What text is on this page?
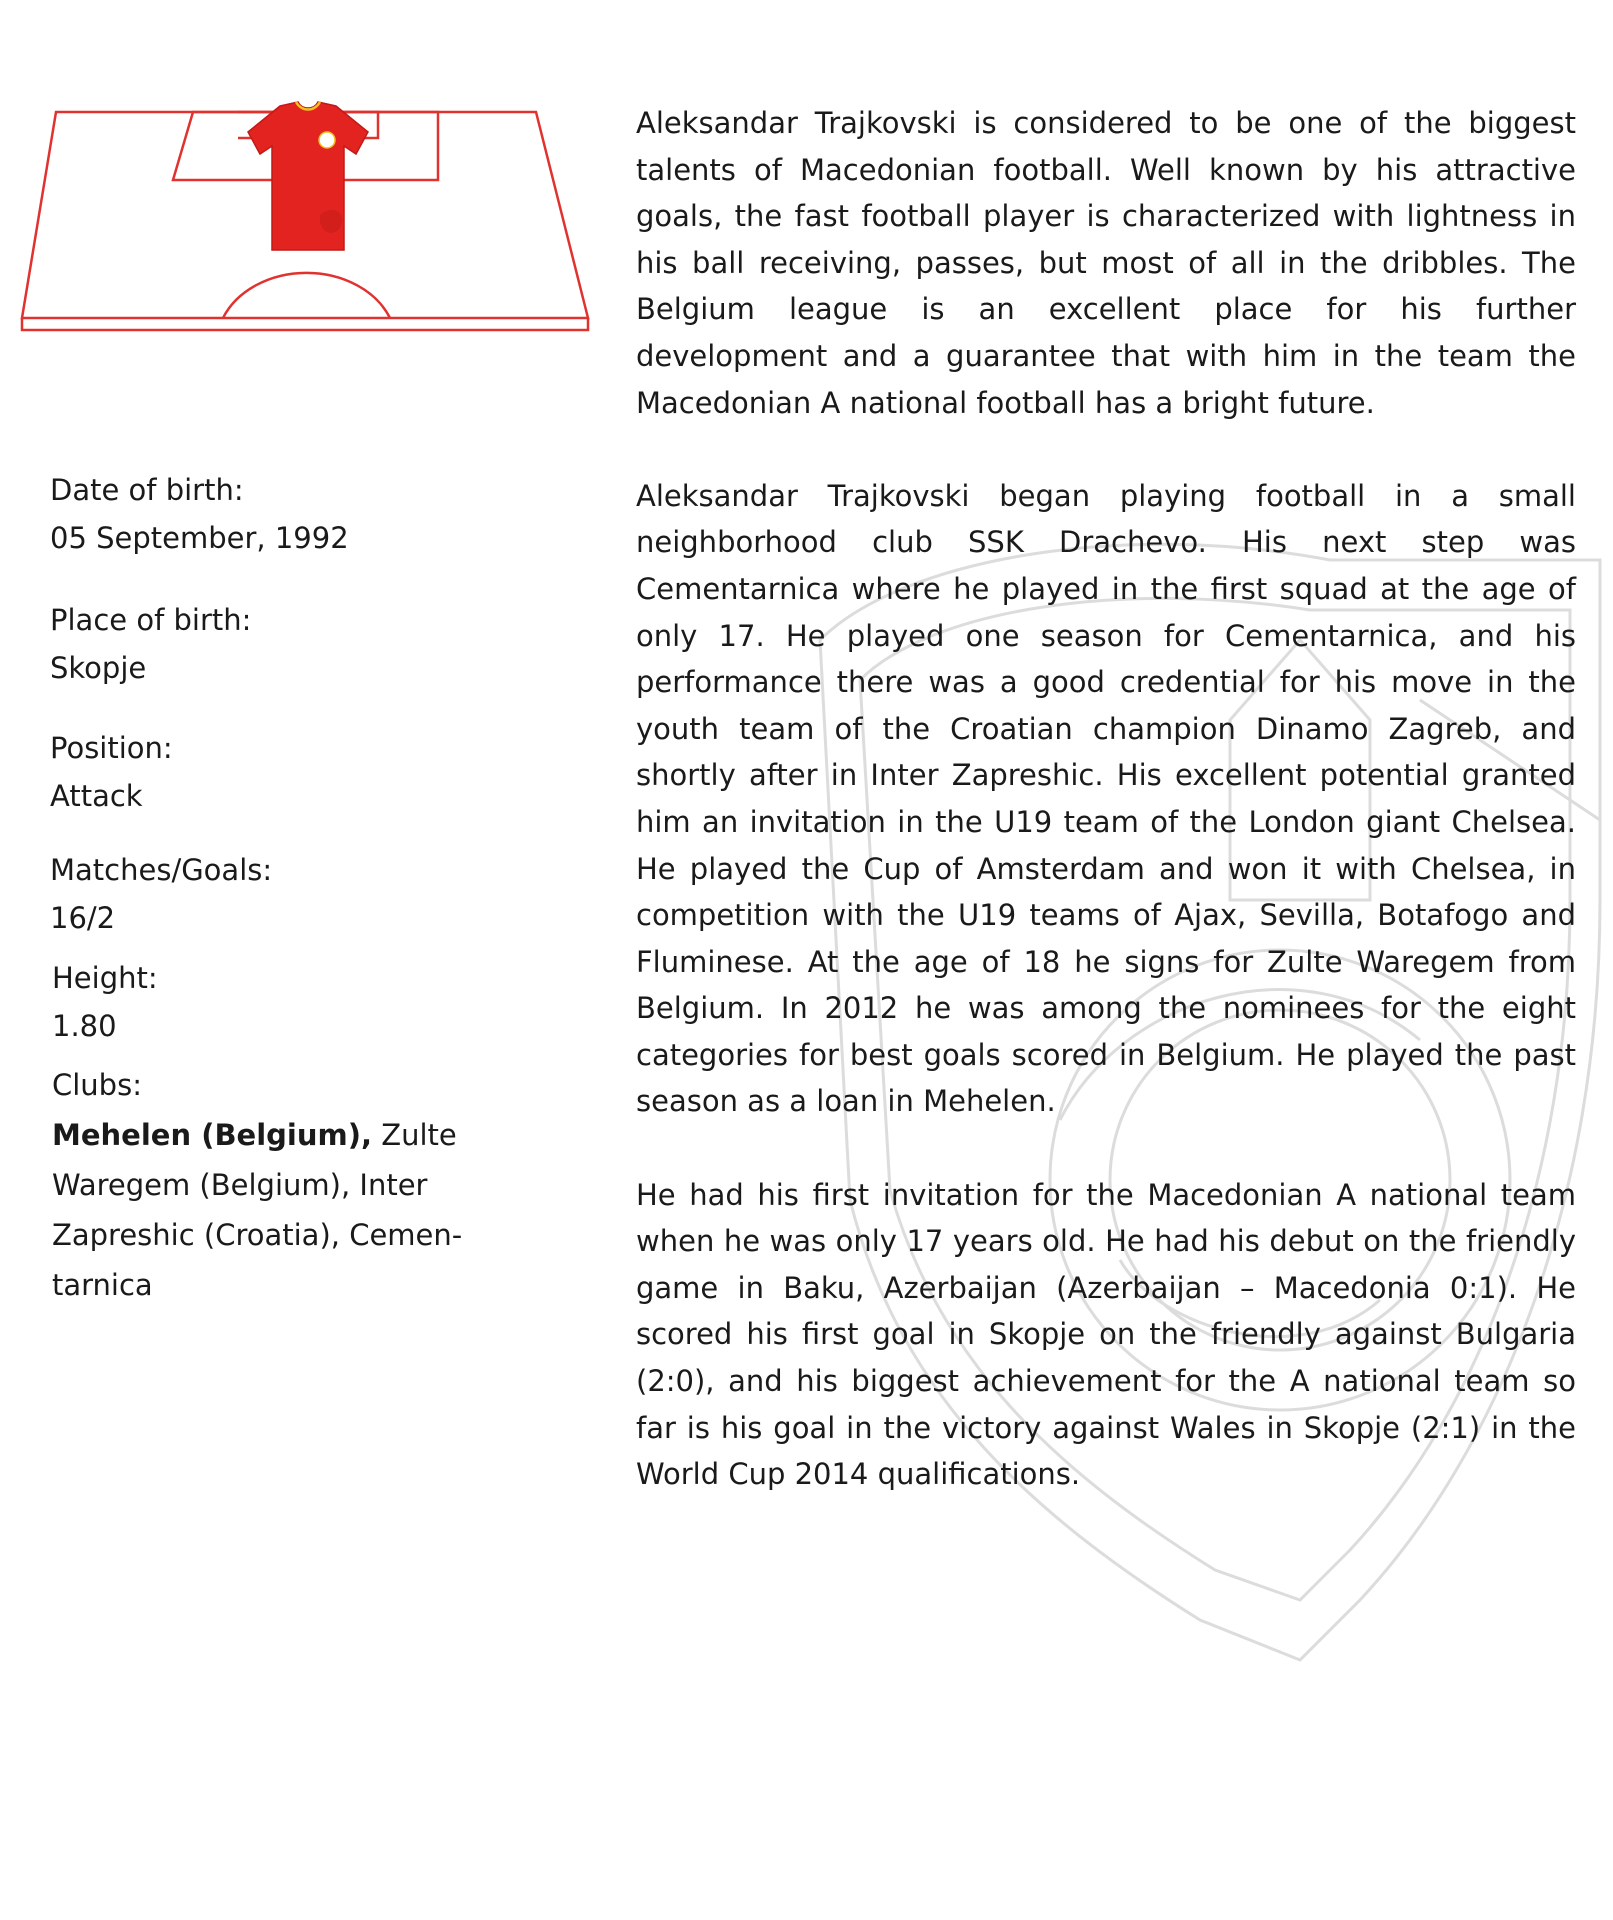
Date of birth:
05 September, 1992
Place of birth:
Skopje
Position:
Attack
Matches/Goals:
16/2
Height:
1.80
Clubs:
Mehelen (Belgium), Zulte Waregem (Belgium), Inter Zapreshic (Croatia), Cemen-tarnica

Aleksandar Trajkovski is considered to be one of the biggest talents of Macedonian football. Well known by his attractive goals, the fast football player is characterized with lightness in his ball receiving, passes, but most of all in the dribbles. The Belgium league is an excellent place for his further development and a guarantee that with him in the team the Macedonian A national football has a bright future.

Aleksandar Trajkovski began playing football in a small neighborhood club SSK Drachevo. His next step was Cementarnica where he played in the first squad at the age of only 17. He played one season for Cementarnica, and his performance there was a good credential for his move in the youth team of the Croatian champion Dinamo Zagreb, and shortly after in Inter Zapreshic. His excellent potential granted him an invitation in the U19 team of the London giant Chelsea. He played the Cup of Amsterdam and won it with Chelsea, in competition with the U19 teams of Ajax, Sevilla, Botafogo and Fluminese. At the age of 18 he signs for Zulte Waregem from Belgium. In 2012 he was among the nominees for the eight categories for best goals scored in Belgium. He played the past season as a loan in Mehelen.

He had his first invitation for the Macedonian A national team when he was only 17 years old. He had his debut on the friendly game in Baku, Azerbaijan (Azerbaijan – Macedonia 0:1). He scored his first goal in Skopje on the friendly against Bulgaria (2:0), and his biggest achievement for the A national team so far is his goal in the victory against Wales in Skopje (2:1) in the World Cup 2014 qualifications.
